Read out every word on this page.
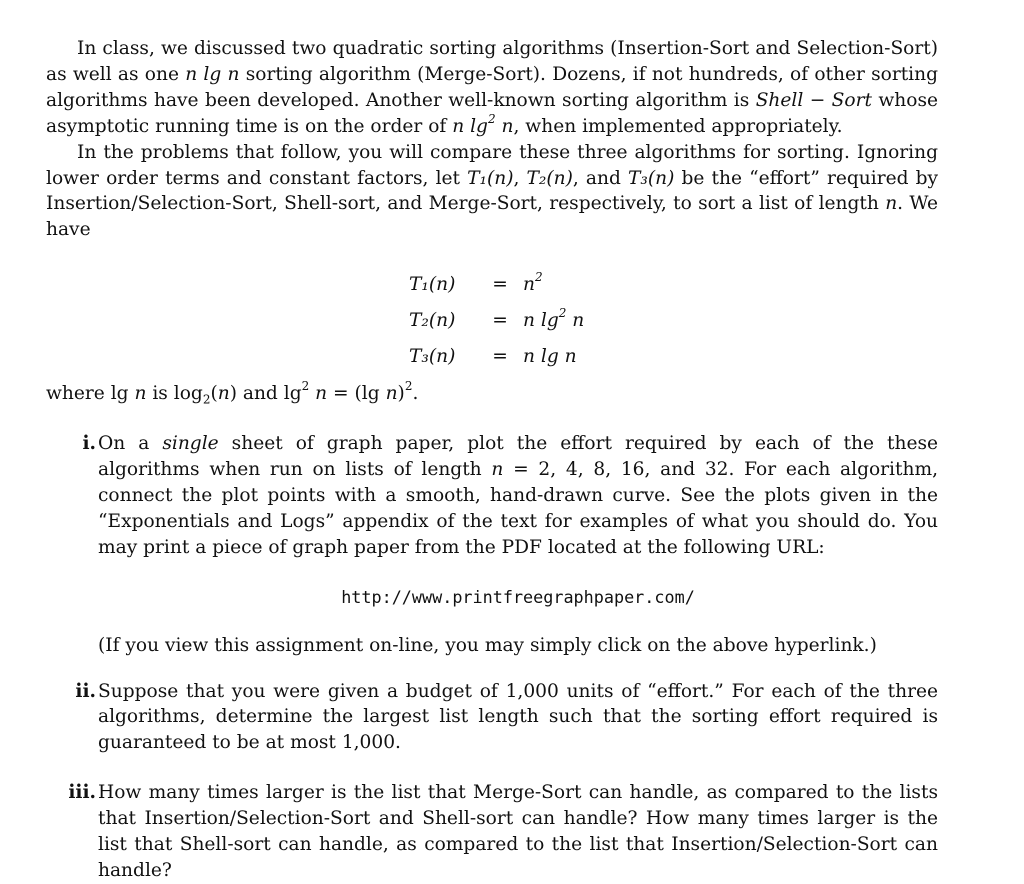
In class, we discussed two quadratic sorting algorithms (Insertion-Sort and Selection-Sort) as well as one n lg n sorting algorithm (Merge-Sort). Dozens, if not hundreds, of other sorting algorithms have been developed. Another well-known sorting algorithm is Shell − Sort whose asymptotic running time is on the order of n $\lg^2 n$, when implemented appropriately.

In the problems that follow, you will compare these three algorithms for sorting. Ignoring lower order terms and constant factors, let T₁(n), T₂(n), and T₃(n) be the “effort” required by Insertion/Selection-Sort, Shell-sort, and Merge-Sort, respectively, to sort a list of length n. We have

T₁(n)	= $n^2$
T₂(n)	= n $\lg^2 n$
T₃(n)	= n lg n

where lg n is $\log_2(n)$ and $\lg^2 n = (\lg$ n)$^2$.

i. On a single sheet of graph paper, plot the effort required by each of the these algorithms when run on lists of length n = 2, 4, 8, 16, and 32. For each algorithm, connect the plot points with a smooth, hand-drawn curve. See the plots given in the “Exponentials and Logs” appendix of the text for examples of what you should do. You may print a piece of graph paper from the PDF located at the following URL:
http://www.printfreegraphpaper.com/
(If you view this assignment on-line, you may simply click on the above hyperlink.)
ii. Suppose that you were given a budget of 1,000 units of “effort.” For each of the three algorithms, determine the largest list length such that the sorting effort required is guaranteed to be at most 1,000.
iii. How many times larger is the list that Merge-Sort can handle, as compared to the lists that Insertion/Selection-Sort and Shell-sort can handle? How many times larger is the list that Shell-sort can handle, as compared to the list that Insertion/Selection-Sort can handle?
